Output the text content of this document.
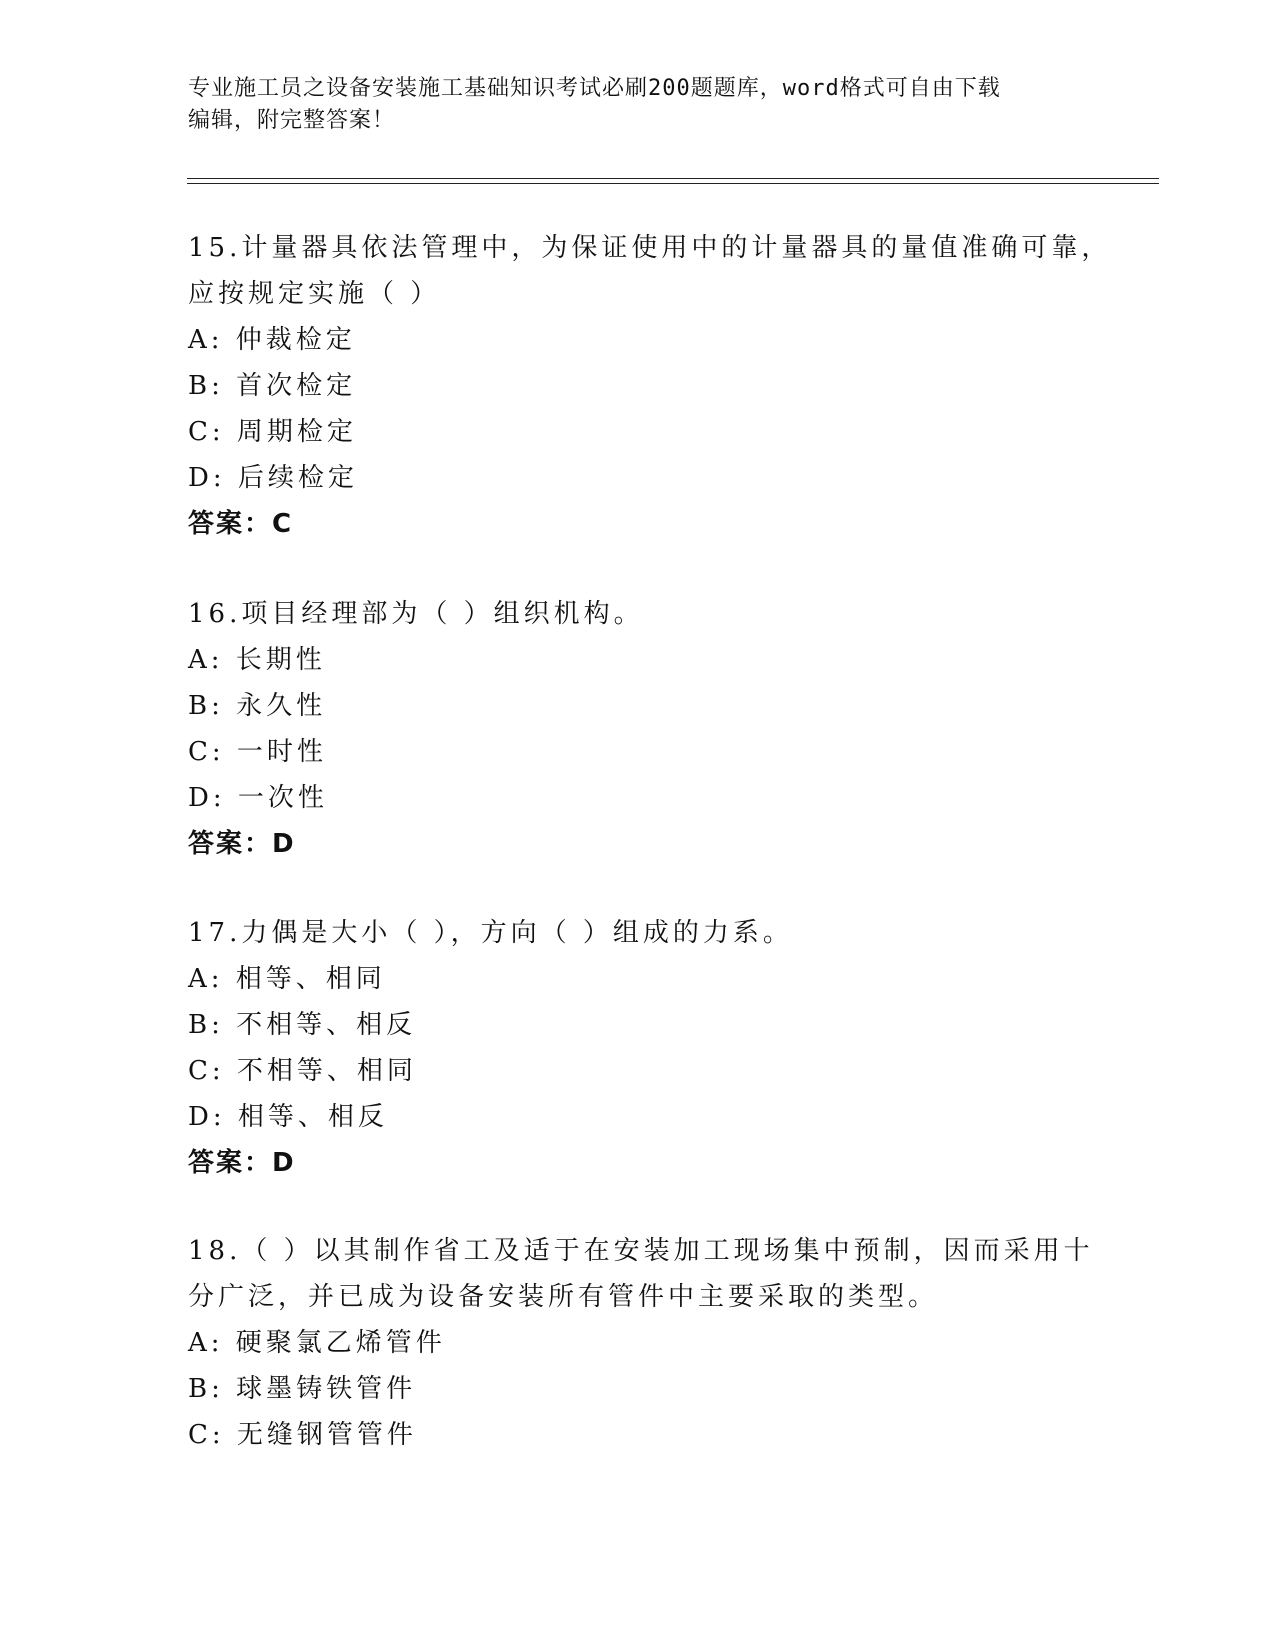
专业施工员之设备安装施工基础知识考试必刷200题题库，word格式可自由下载
编辑，附完整答案！
15.计量器具依法管理中，为保证使用中的计量器具的量值准确可靠，
应按规定实施（ ）
A: 仲裁检定
B: 首次检定
C: 周期检定
D: 后续检定
答案：C
16.项目经理部为（ ）组织机构。
A: 长期性
B: 永久性
C: 一时性
D: 一次性
答案：D
17.力偶是大小（ ），方向（ ）组成的力系。
A: 相等、相同
B: 不相等、相反
C: 不相等、相同
D: 相等、相反
答案：D
18.（ ）以其制作省工及适于在安装加工现场集中预制，因而采用十
分广泛，并已成为设备安装所有管件中主要采取的类型。
A: 硬聚氯乙烯管件
B: 球墨铸铁管件
C: 无缝钢管管件
